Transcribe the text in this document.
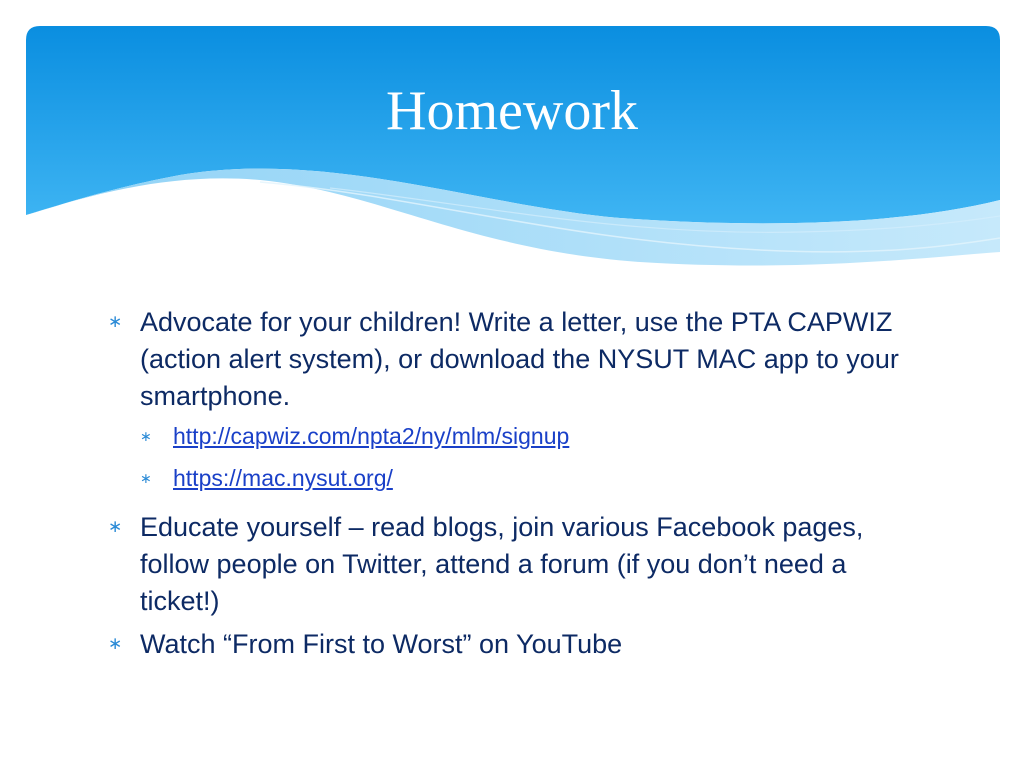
Homework
∗ Advocate for your children! Write a letter, use the PTA CAPWIZ (action alert system), or download the NYSUT MAC app to your smartphone.
∗ http://capwiz.com/npta2/ny/mlm/signup
∗ https://mac.nysut.org/
∗ Educate yourself – read blogs, join various Facebook pages, follow people on Twitter, attend a forum (if you don’t need a ticket!)
∗ Watch “From First to Worst” on YouTube
